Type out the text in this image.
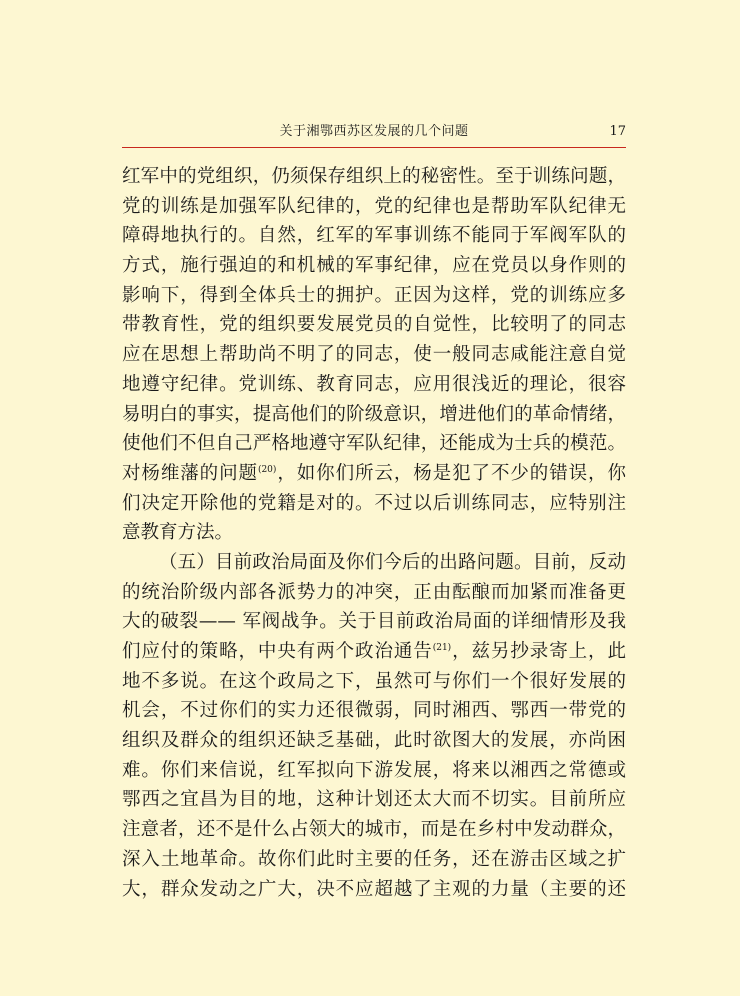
关于湘鄂西苏区发展的几个问题	17
红军中的党组织，仍须保存组织上的秘密性。至于训练问题，
党的训练是加强军队纪律的，党的纪律也是帮助军队纪律无
障碍地执行的。自然，红军的军事训练不能同于军阀军队的
方式，施行强迫的和机械的军事纪律，应在党员以身作则的
影响下，得到全体兵士的拥护。正因为这样，党的训练应多
带教育性，党的组织要发展党员的自觉性，比较明了的同志
应在思想上帮助尚不明了的同志，使一般同志咸能注意自觉
地遵守纪律。党训练、教育同志，应用很浅近的理论，很容
易明白的事实，提高他们的阶级意识，增进他们的革命情绪，
使他们不但自己严格地遵守军队纪律，还能成为士兵的模范。
对杨维藩的问题$^{(20)}$，如你们所云，杨是犯了不少的错误，你
们决定开除他的党籍是对的。不过以后训练同志，应特别注
意教育方法。
（五）目前政治局面及你们今后的出路问题。目前，反动
的统治阶级内部各派势力的冲突，正由酝酿而加紧而准备更
大的破裂—— 军阀战争。关于目前政治局面的详细情形及我
们应付的策略，中央有两个政治通告$^{(21)}$，兹另抄录寄上，此
地不多说。在这个政局之下，虽然可与你们一个很好发展的
机会，不过你们的实力还很微弱，同时湘西、鄂西一带党的
组织及群众的组织还缺乏基础，此时欲图大的发展，亦尚困
难。你们来信说，红军拟向下游发展，将来以湘西之常德或
鄂西之宜昌为目的地，这种计划还太大而不切实。目前所应
注意者，还不是什么占领大的城市，而是在乡村中发动群众，
深入土地革命。故你们此时主要的任务，还在游击区域之扩
大，群众发动之广大，决不应超越了主观的力量（主要的还
